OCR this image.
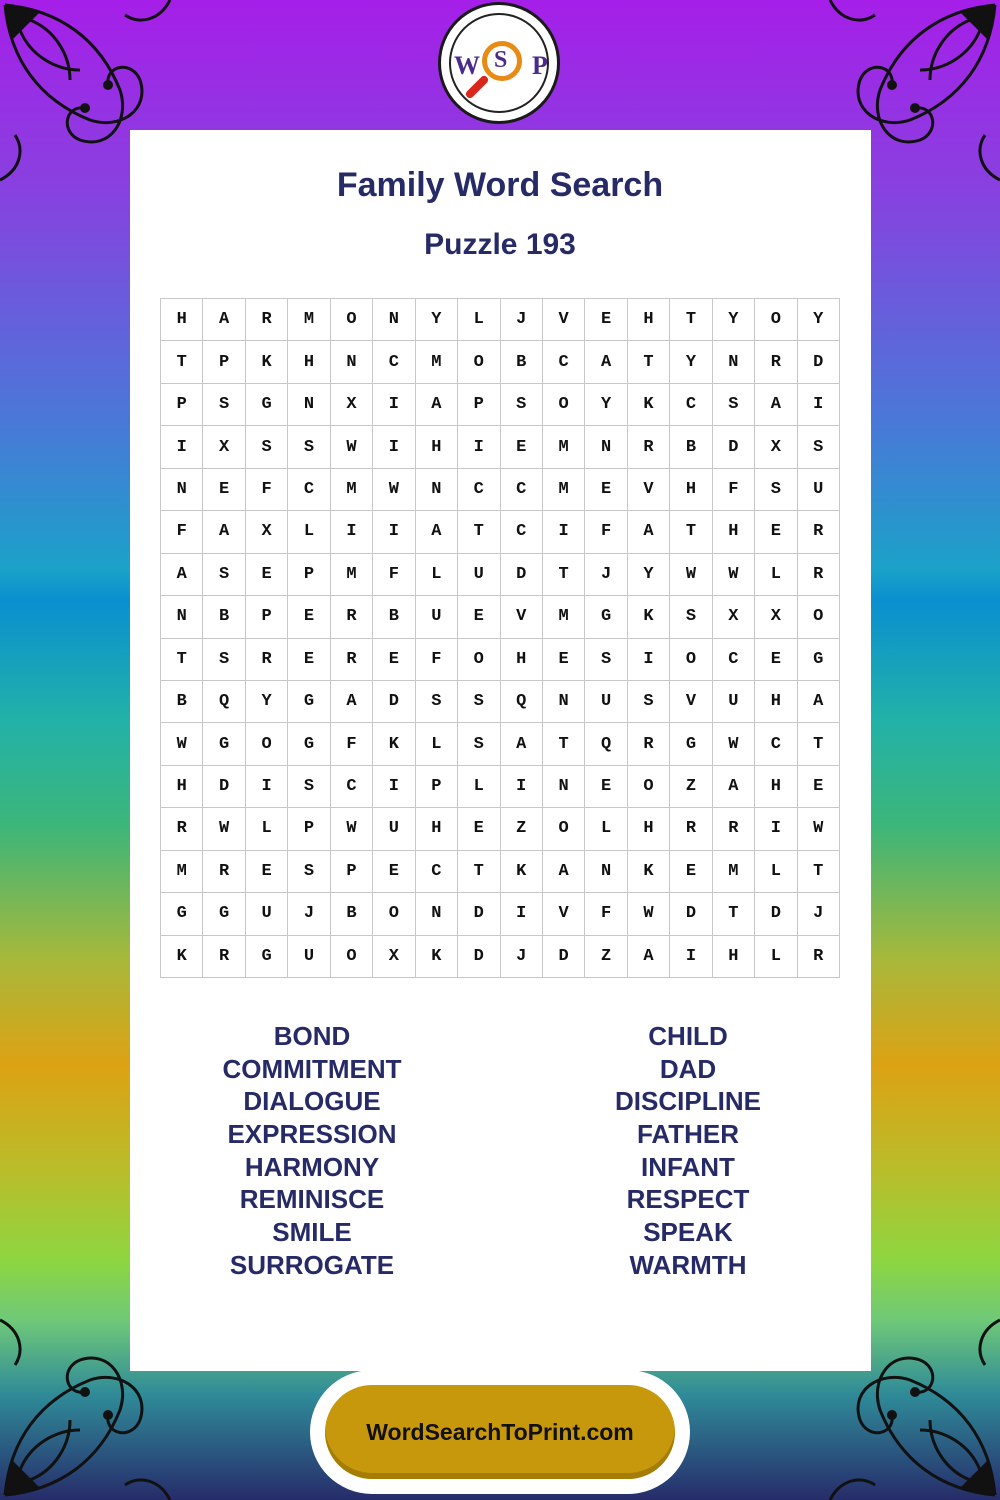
W S P
Family Word Search
Puzzle 193
H	A	R	M	O	N	Y	L	J	V	E	H	T	Y	O	Y
T	P	K	H	N	C	M	O	B	C	A	T	Y	N	R	D
P	S	G	N	X	I	A	P	S	O	Y	K	C	S	A	I
I	X	S	S	W	I	H	I	E	M	N	R	B	D	X	S
N	E	F	C	M	W	N	C	C	M	E	V	H	F	S	U
F	A	X	L	I	I	A	T	C	I	F	A	T	H	E	R
A	S	E	P	M	F	L	U	D	T	J	Y	W	W	L	R
N	B	P	E	R	B	U	E	V	M	G	K	S	X	X	O
T	S	R	E	R	E	F	O	H	E	S	I	O	C	E	G
B	Q	Y	G	A	D	S	S	Q	N	U	S	V	U	H	A
W	G	O	G	F	K	L	S	A	T	Q	R	G	W	C	T
H	D	I	S	C	I	P	L	I	N	E	O	Z	A	H	E
R	W	L	P	W	U	H	E	Z	O	L	H	R	R	I	W
M	R	E	S	P	E	C	T	K	A	N	K	E	M	L	T
G	G	U	J	B	O	N	D	I	V	F	W	D	T	D	J
K	R	G	U	O	X	K	D	J	D	Z	A	I	H	L	R
BOND
COMMITMENT
DIALOGUE
EXPRESSION
HARMONY
REMINISCE
SMILE
SURROGATE
CHILD
DAD
DISCIPLINE
FATHER
INFANT
RESPECT
SPEAK
WARMTH
WordSearchToPrint.com
